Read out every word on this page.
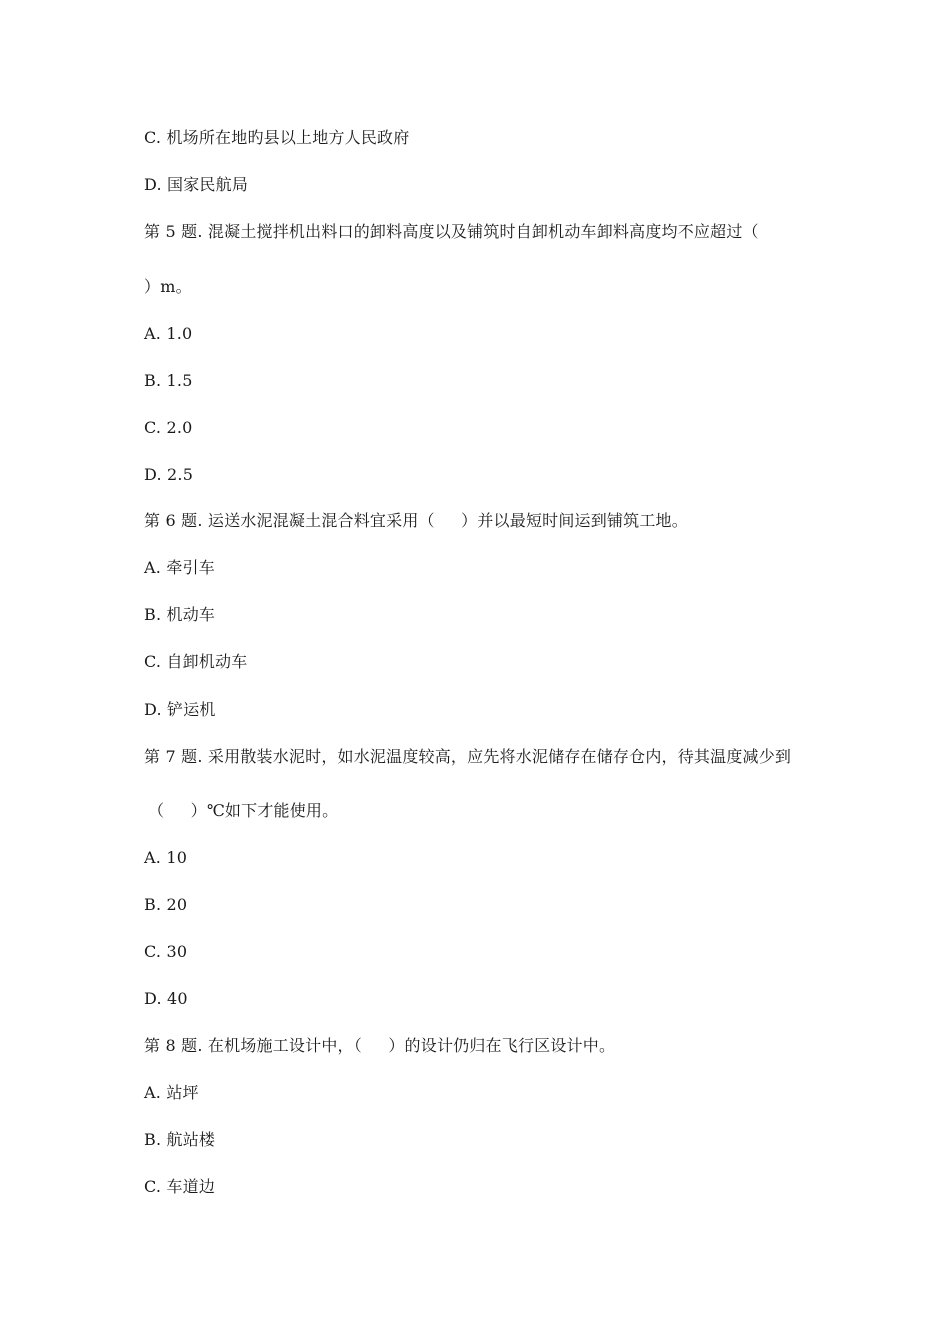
C. 机场所在地旳县以上地方人民政府
D. 国家民航局
第 5 题. 混凝土搅拌机出料口的卸料高度以及铺筑时自卸机动车卸料高度均不应超过（
）m。
A. 1.0
B. 1.5
C. 2.0
D. 2.5
第 6 题. 运送水泥混凝土混合料宜采用（     ）并以最短时间运到铺筑工地。
A. 牵引车
B. 机动车
C. 自卸机动车
D. 铲运机
第 7 题. 采用散装水泥时，如水泥温度较高，应先将水泥储存在储存仓内，待其温度减少到
（     ）℃如下才能使用。
A. 10
B. 20
C. 30
D. 40
第 8 题. 在机场施工设计中，（     ）的设计仍归在飞行区设计中。
A. 站坪
B. 航站楼
C. 车道边
